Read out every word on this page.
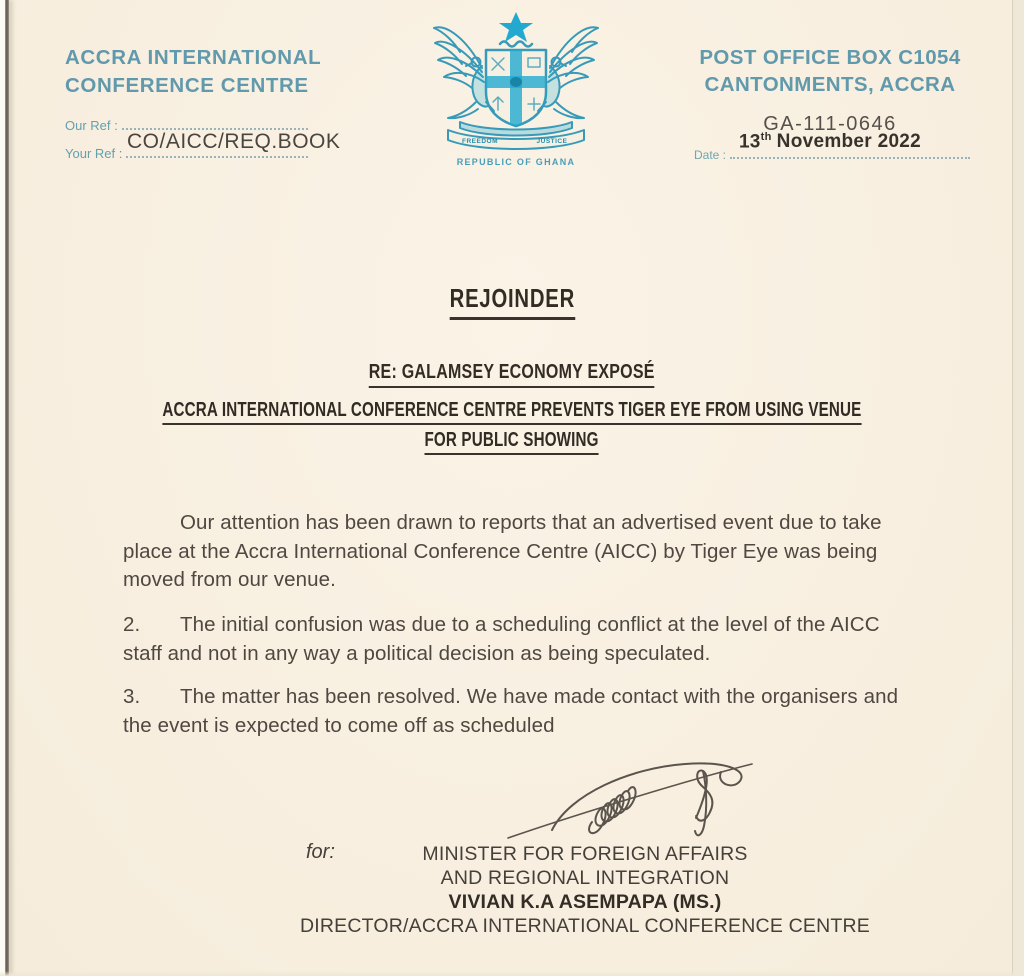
ACCRA INTERNATIONAL
CONFERENCE CENTRE
Our Ref :
CO/AICC/REQ.BOOK
Your Ref :
FREEDOM	JUSTICE
REPUBLIC OF GHANA
POST OFFICE BOX C1054
CANTONMENTS, ACCRA
GA-111-0646
13th November 2022
Date :
REJOINDER
RE: GALAMSEY ECONOMY EXPOSÉ
ACCRA INTERNATIONAL CONFERENCE CENTRE PREVENTS TIGER EYE FROM USING VENUE
FOR PUBLIC SHOWING
Our attention has been drawn to reports that an advertised event due to take place at the Accra International Conference Centre (AICC) by Tiger Eye was being moved from our venue.
2. The initial confusion was due to a scheduling conflict at the level of the AICC staff and not in any way a political decision as being speculated.
3. The matter has been resolved. We have made contact with the organisers and the event is expected to come off as scheduled
for:	MINISTER FOR FOREIGN AFFAIRS
AND REGIONAL INTEGRATION
VIVIAN K.A ASEMPAPA (MS.)
DIRECTOR/ACCRA INTERNATIONAL CONFERENCE CENTRE
